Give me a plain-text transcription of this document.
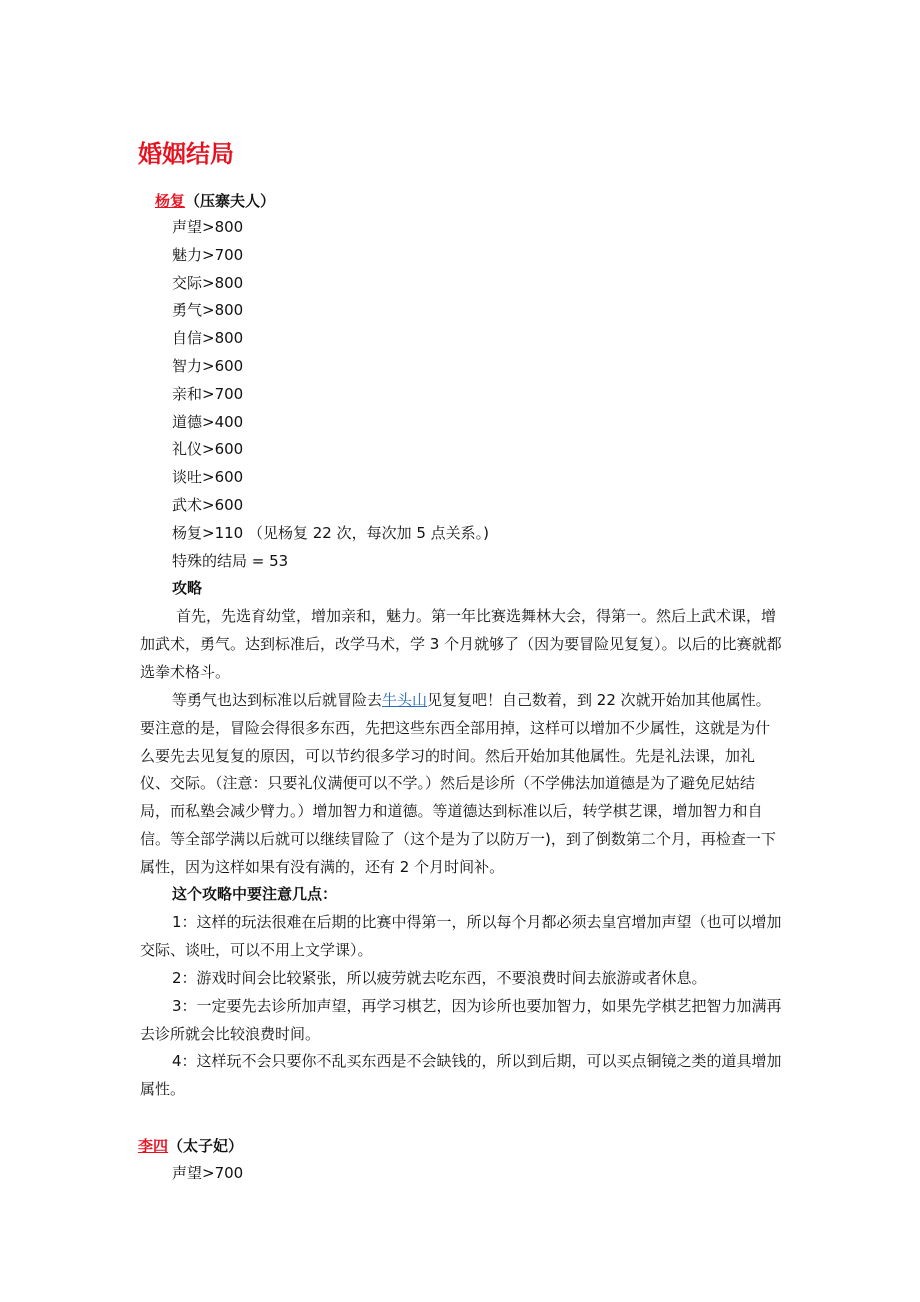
婚姻结局
杨复（压寨夫人）
声望>800
魅力>700
交际>800
勇气>800
自信>800
智力>600
亲和>700
道德>400
礼仪>600
谈吐>600
武术>600
杨复>110 （见杨复 22 次，每次加 5 点关系。)
特殊的结局 = 53
攻略

首先，先选育幼堂，增加亲和，魅力。第一年比赛选舞林大会，得第一。然后上武术课，增加武术，勇气。达到标准后，改学马术，学 3 个月就够了（因为要冒险见复复）。以后的比赛就都选拳术格斗。

等勇气也达到标准以后就冒险去牛头山见复复吧！自己数着，到 22 次就开始加其他属性。要注意的是，冒险会得很多东西，先把这些东西全部用掉，这样可以增加不少属性，这就是为什么要先去见复复的原因，可以节约很多学习的时间。然后开始加其他属性。先是礼法课，加礼仪、交际。（注意：只要礼仪满便可以不学。）然后是诊所（不学佛法加道德是为了避免尼姑结局，而私塾会减少臂力。）增加智力和道德。等道德达到标准以后，转学棋艺课，增加智力和自信。等全部学满以后就可以继续冒险了（这个是为了以防万一)，到了倒数第二个月，再检查一下属性，因为这样如果有没有满的，还有 2 个月时间补。

这个攻略中要注意几点：

1：这样的玩法很难在后期的比赛中得第一，所以每个月都必须去皇宫增加声望（也可以增加交际、谈吐，可以不用上文学课）。

2：游戏时间会比较紧张，所以疲劳就去吃东西，不要浪费时间去旅游或者休息。

3：一定要先去诊所加声望，再学习棋艺，因为诊所也要加智力，如果先学棋艺把智力加满再去诊所就会比较浪费时间。

4：这样玩不会只要你不乱买东西是不会缺钱的，所以到后期，可以买点铜镜之类的道具增加属性。

李四（太子妃）
声望>700
